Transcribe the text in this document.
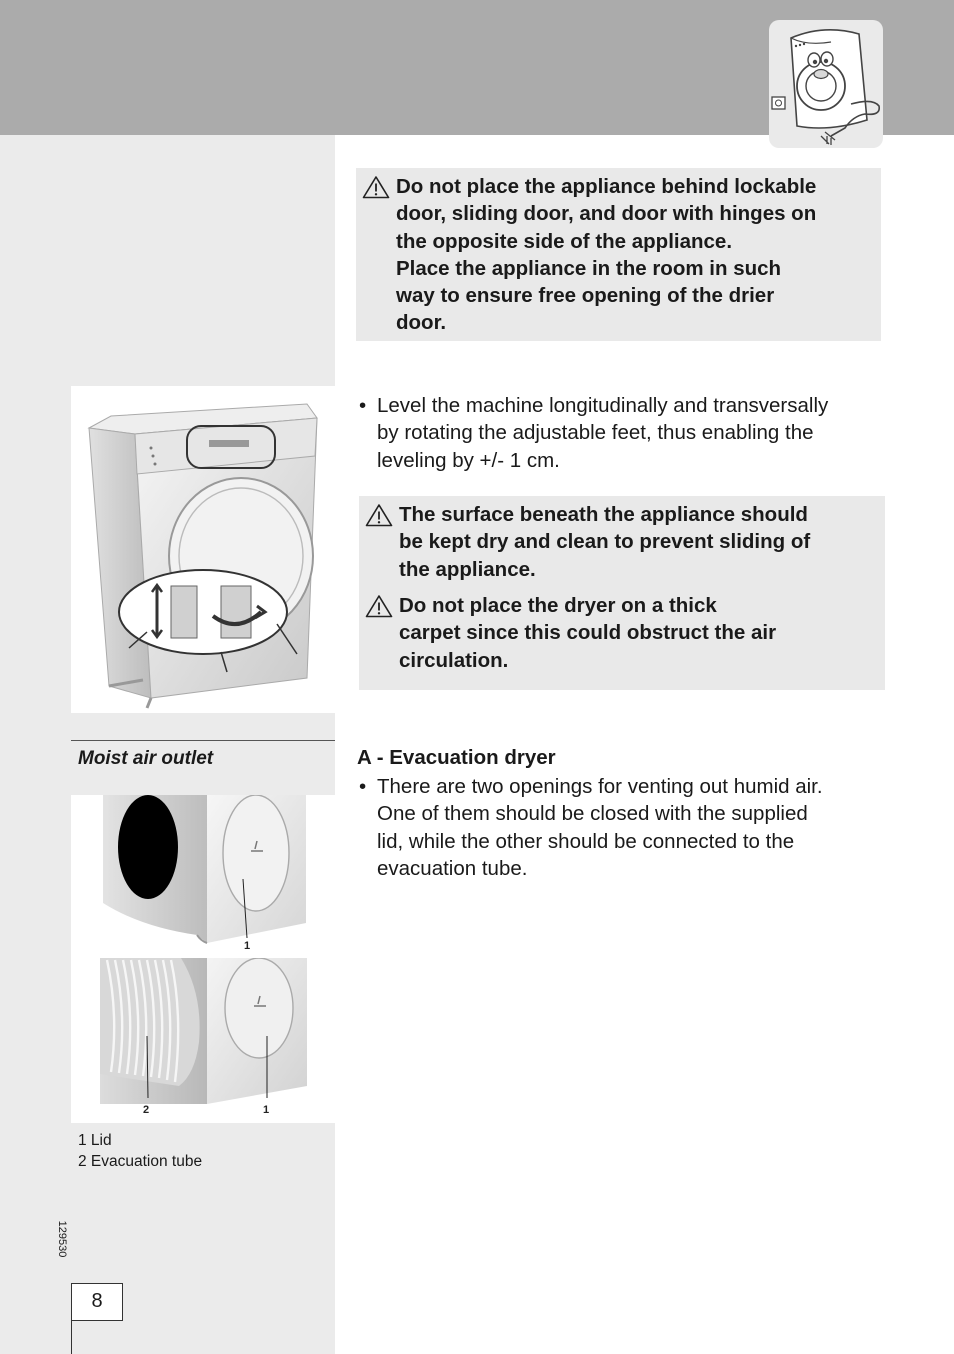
Do not place the appliance behind lockable
door, sliding door, and door with hinges on
the opposite side of the appliance.
Place the appliance in the room in such
way to ensure free opening of the drier
door.
• Level the machine longitudinally and transversally
by rotating the adjustable feet, thus enabling the
leveling by +/- 1 cm.
The surface beneath the appliance should
be kept dry and clean to prevent sliding of
the appliance.
Do not place the dryer on a thick
carpet since this could obstruct the air
circulation.
Moist air outlet
1
2	1
1 Lid
2 Evacuation tube
A - Evacuation dryer
• There are two openings for venting out humid air.
One of them should be closed with the supplied
lid, while the other should be connected to the
evacuation tube.
129530
8
